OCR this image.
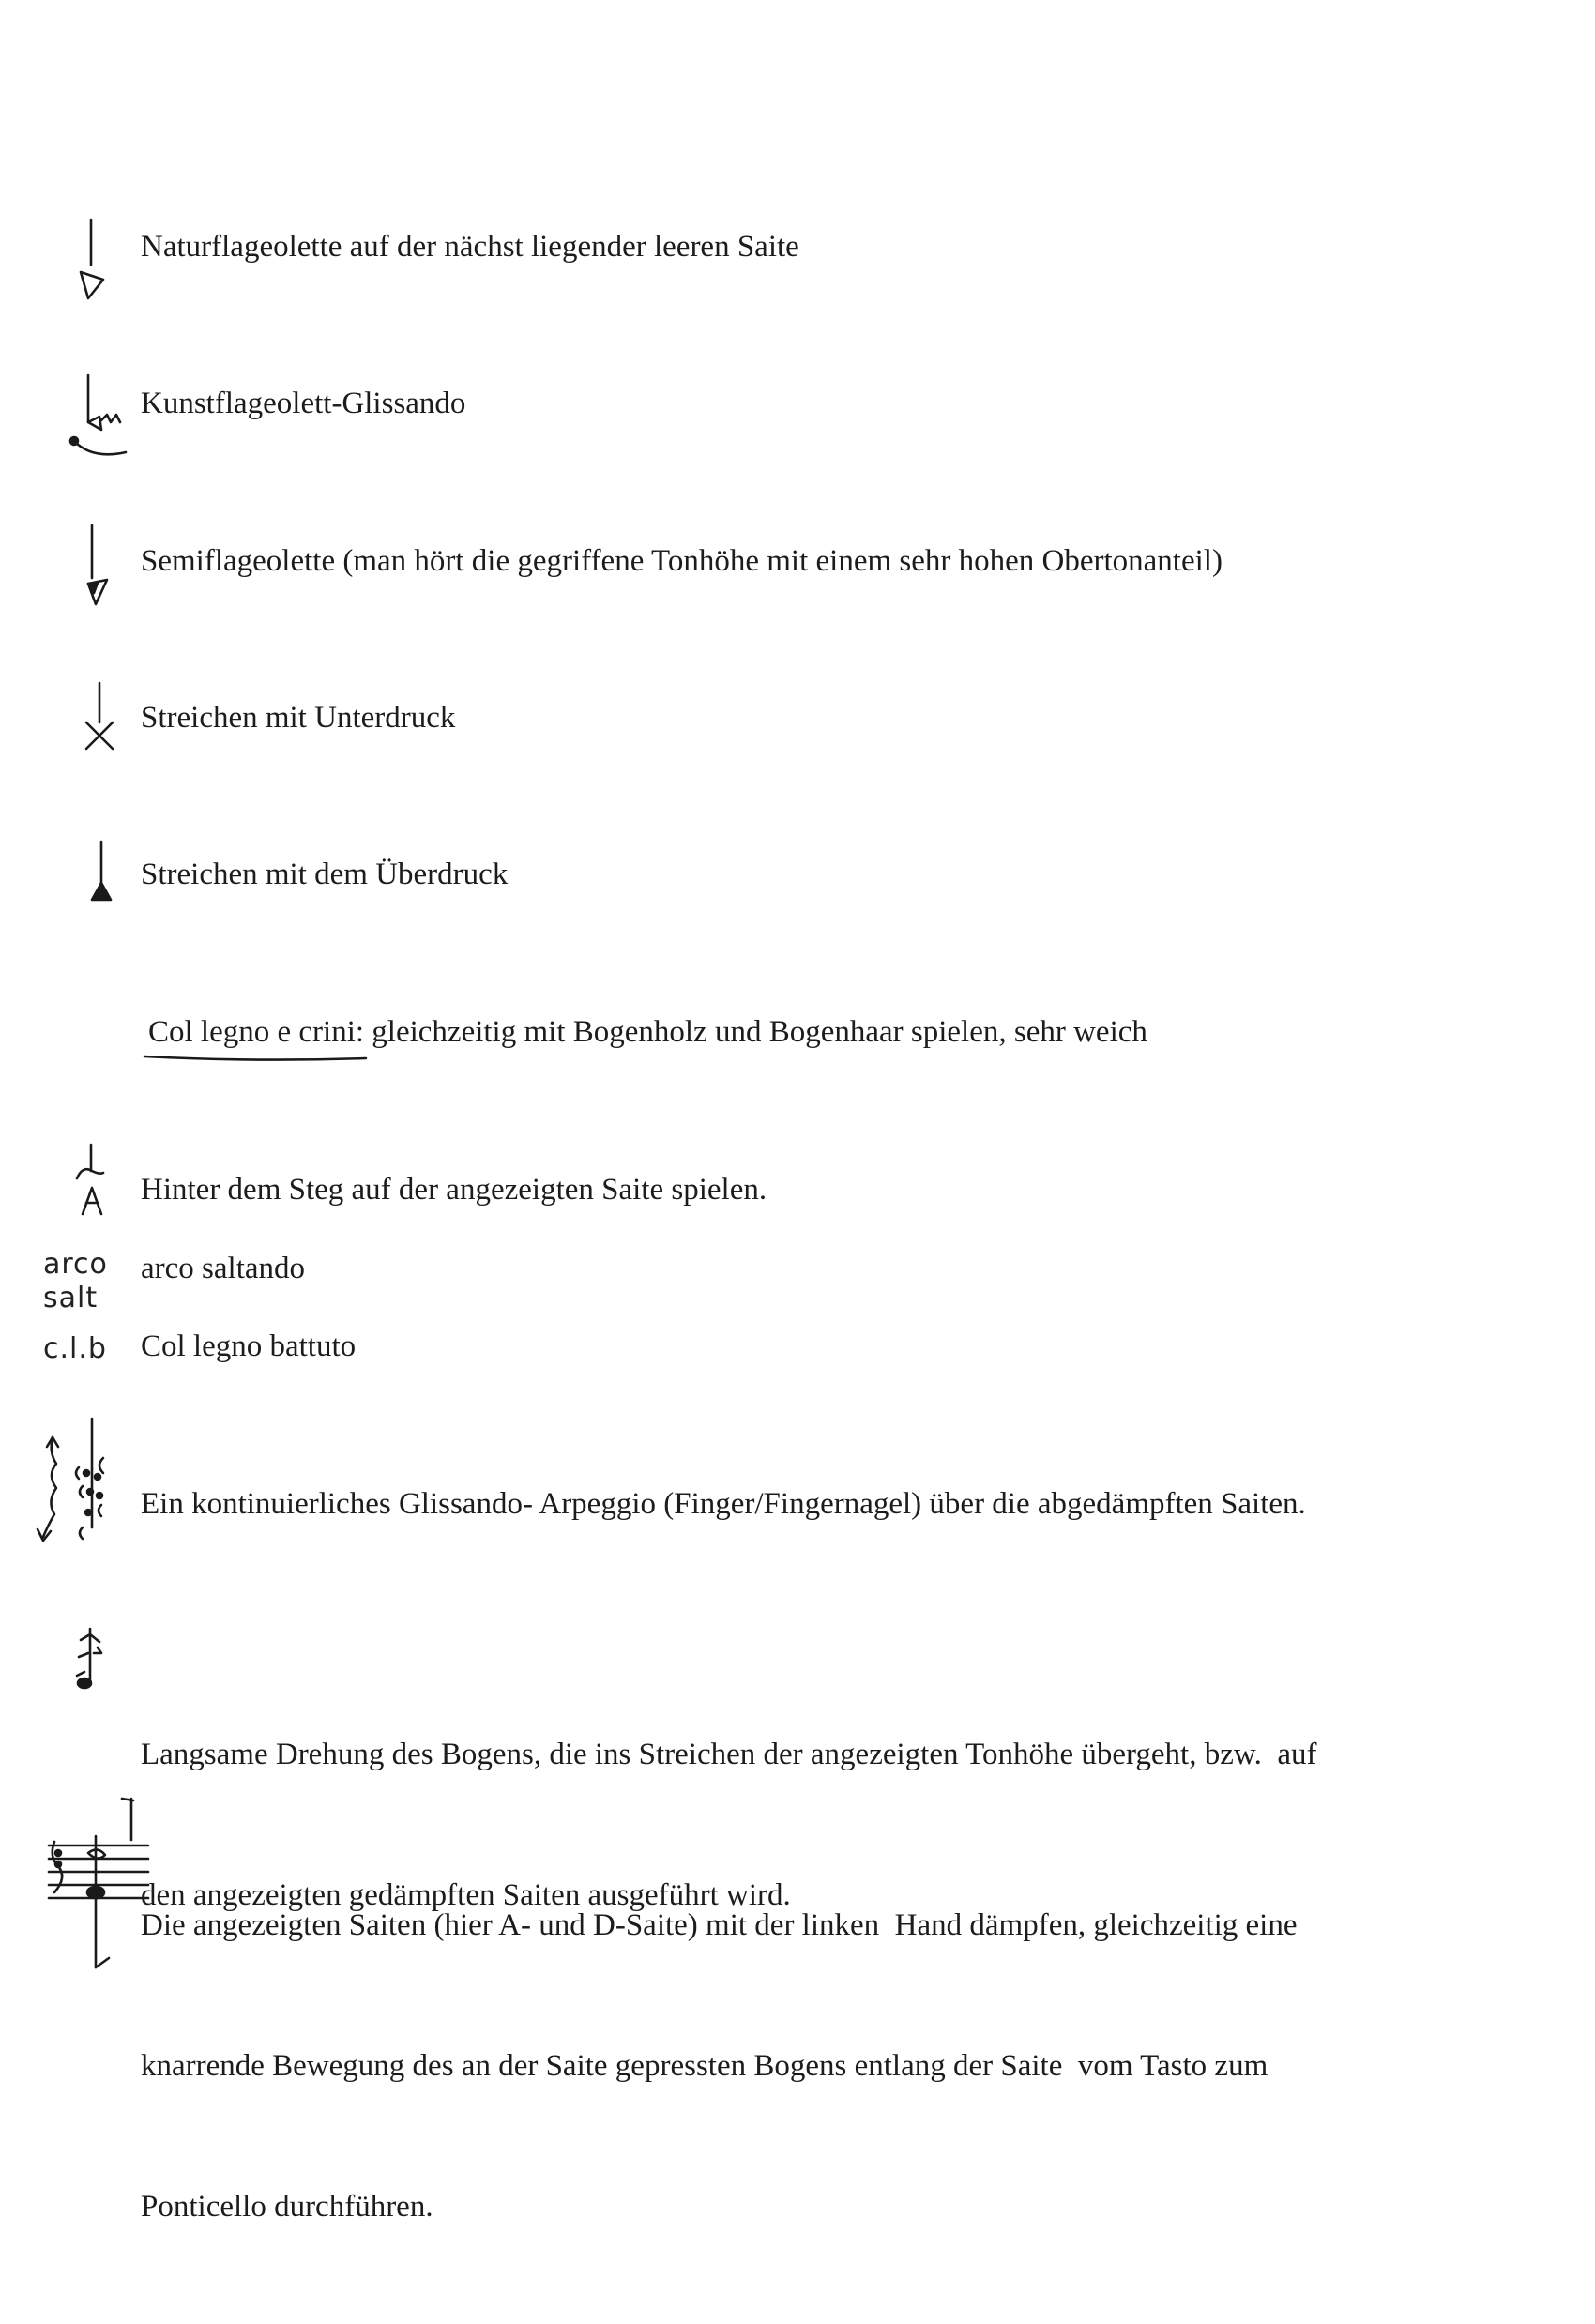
Naturflageolette auf der nächst liegender leeren Saite
Kunstflageolett-Glissando
Semiflageolette (man hört die gegriffene Tonhöhe mit einem sehr hohen Obertonanteil)
Streichen mit Unterdruck
Streichen mit dem Überdruck
Col legno e crini: gleichzeitig mit Bogenholz und Bogenhaar spielen, sehr weich
Hinter dem Steg auf der angezeigten Saite spielen.
arco
salt
arco saltando
c.l.b Col legno battuto
Ein kontinuierliches Glissando- Arpeggio (Finger/Fingernagel) über die abgedämpften Saiten.

Langsame Drehung des Bogens, die ins Streichen der angezeigten Tonhöhe übergeht, bzw.  auf

den angezeigten gedämpften Saiten ausgeführt wird.

Die angezeigten Saiten (hier A- und D-Saite) mit der linken  Hand dämpfen, gleichzeitig eine

knarrende Bewegung des an der Saite gepressten Bogens entlang der Saite  vom Tasto zum

Ponticello durchführen.
